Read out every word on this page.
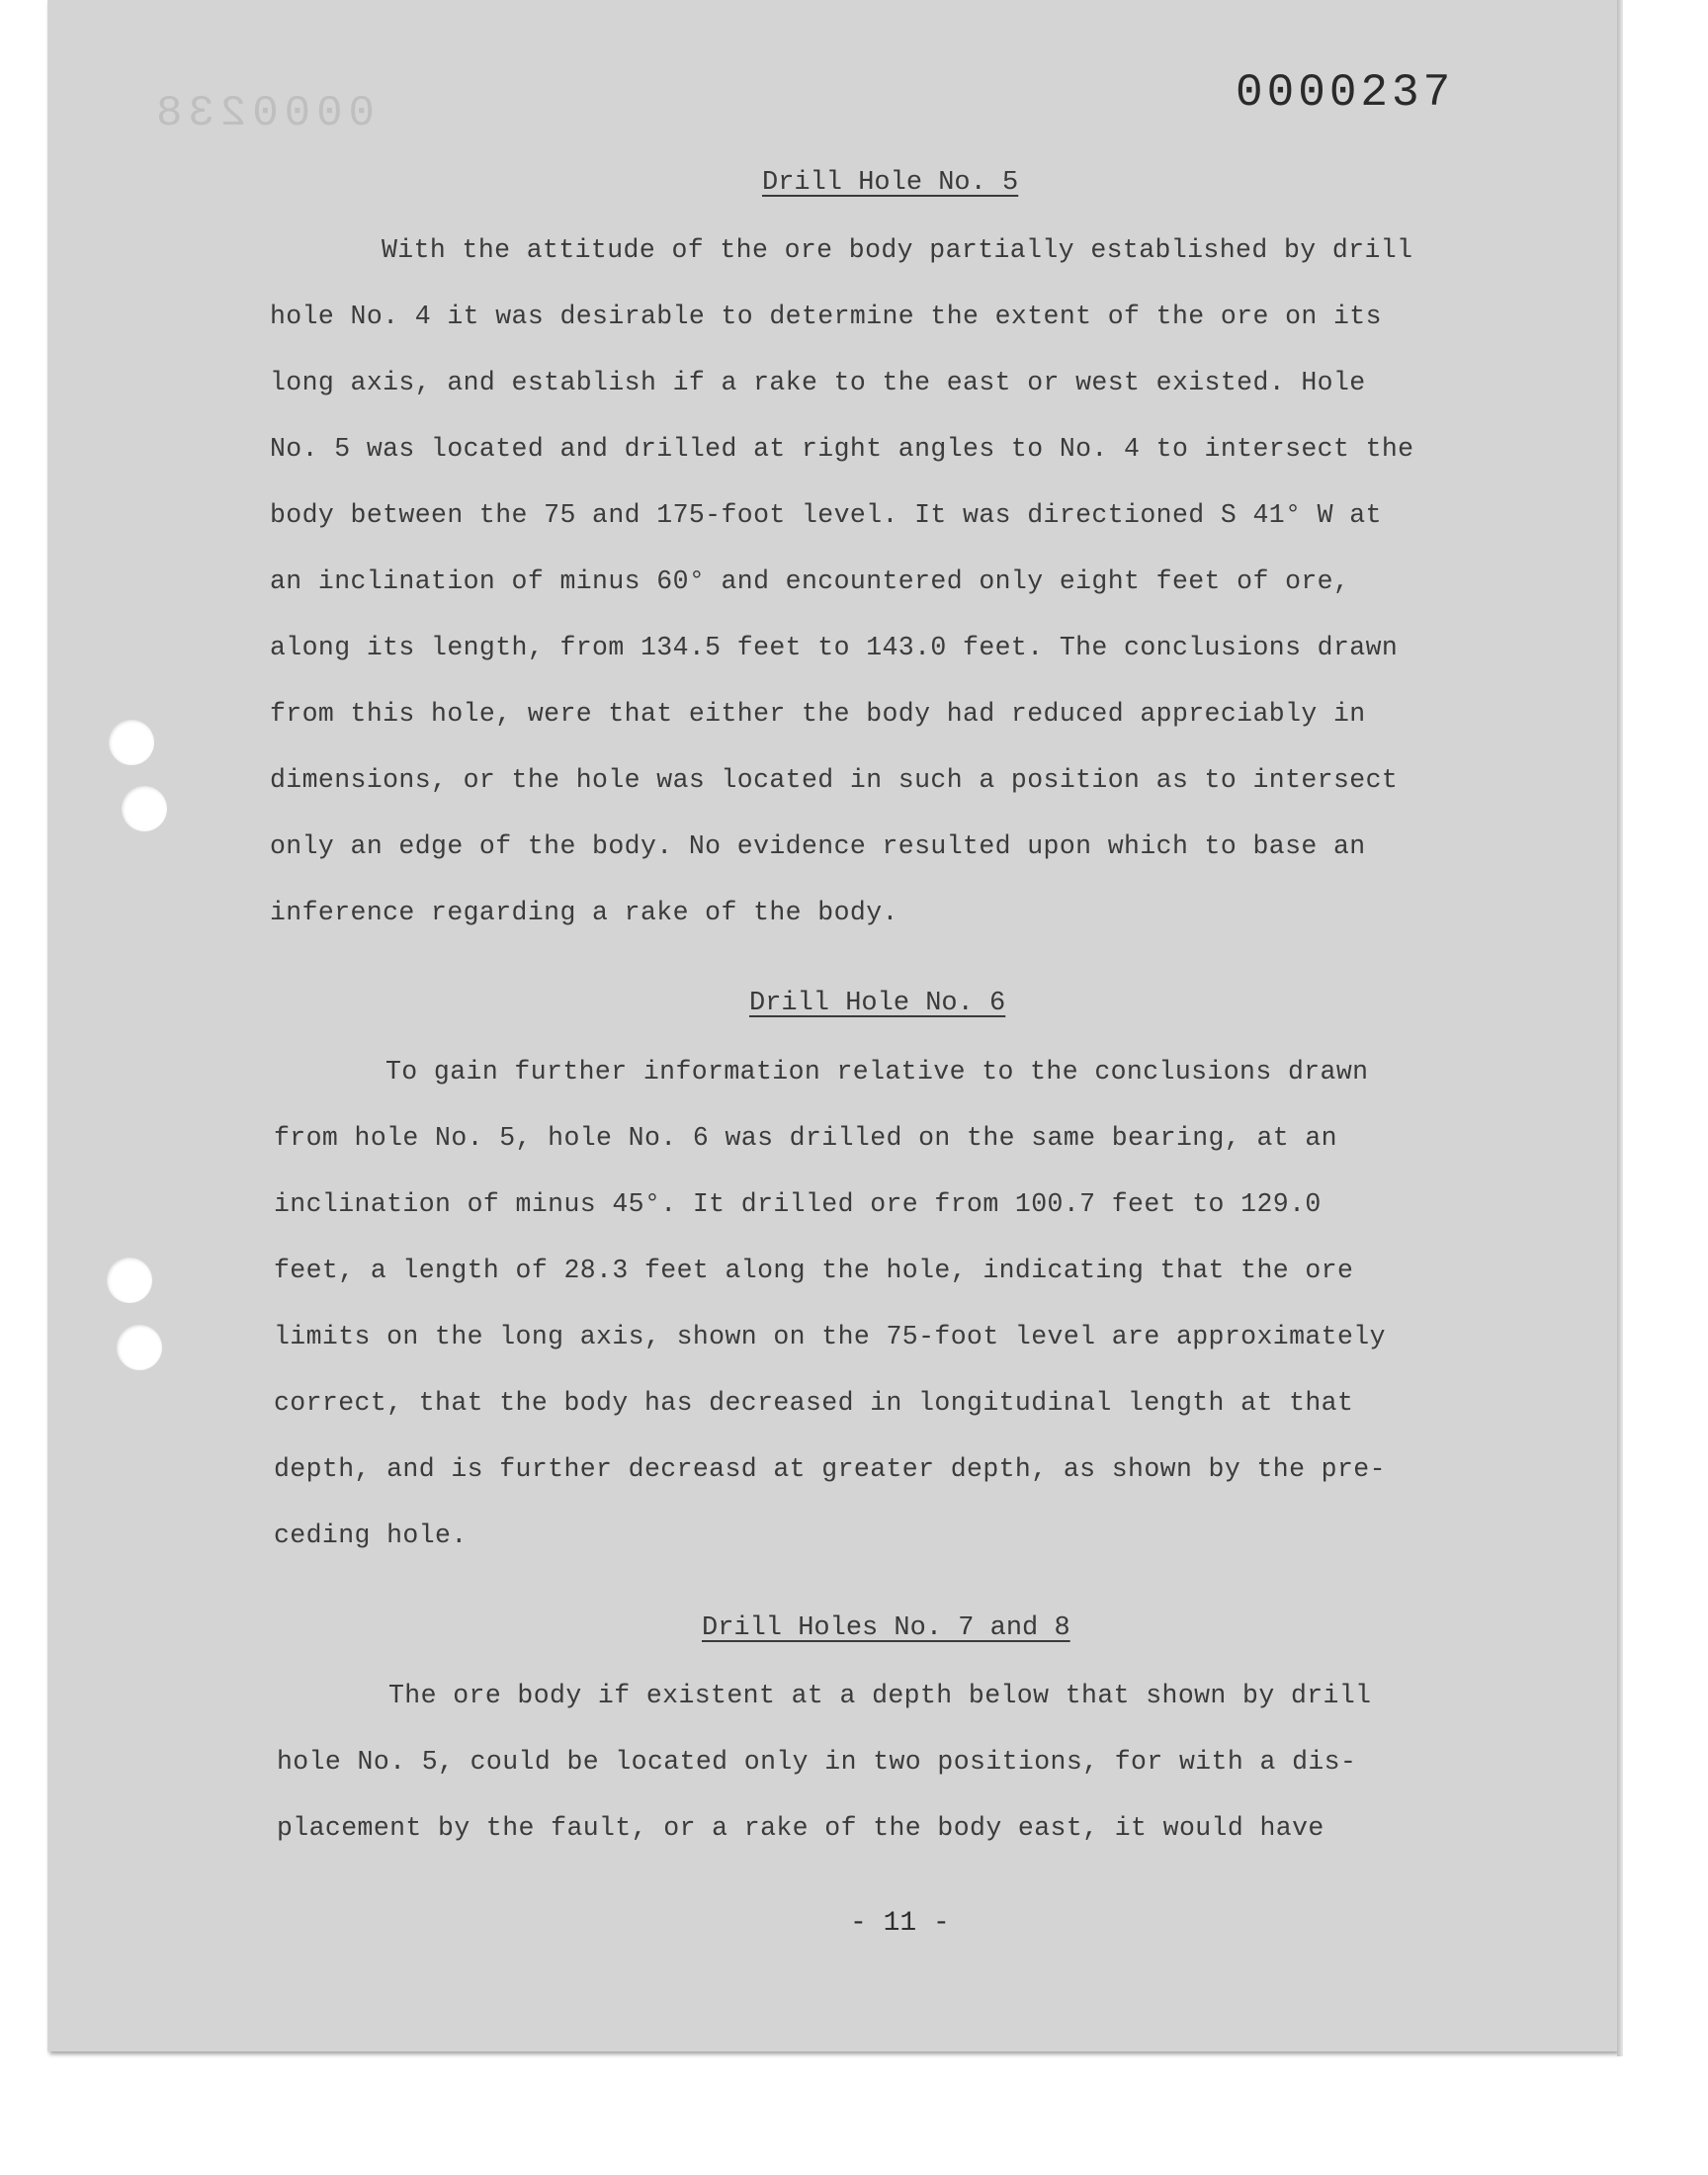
0000238	0000237
Drill Hole No. 5
With the attitude of the ore body partially established by drill
hole No. 4 it was desirable to determine the extent of the ore on its
long axis, and establish if a rake to the east or west existed. Hole
No. 5 was located and drilled at right angles to No. 4 to intersect the
body between the 75 and 175-foot level. It was directioned S 41° W at
an inclination of minus 60° and encountered only eight feet of ore,
along its length, from 134.5 feet to 143.0 feet. The conclusions drawn
from this hole, were that either the body had reduced appreciably in
dimensions, or the hole was located in such a position as to intersect
only an edge of the body. No evidence resulted upon which to base an
inference regarding a rake of the body.
Drill Hole No. 6
To gain further information relative to the conclusions drawn
from hole No. 5, hole No. 6 was drilled on the same bearing, at an
inclination of minus 45°. It drilled ore from 100.7 feet to 129.0
feet, a length of 28.3 feet along the hole, indicating that the ore
limits on the long axis, shown on the 75-foot level are approximately
correct, that the body has decreased in longitudinal length at that
depth, and is further decreasd at greater depth, as shown by the pre-
ceding hole.
Drill Holes No. 7 and 8
The ore body if existent at a depth below that shown by drill
hole No. 5, could be located only in two positions, for with a dis-
placement by the fault, or a rake of the body east, it would have
- 11 -
